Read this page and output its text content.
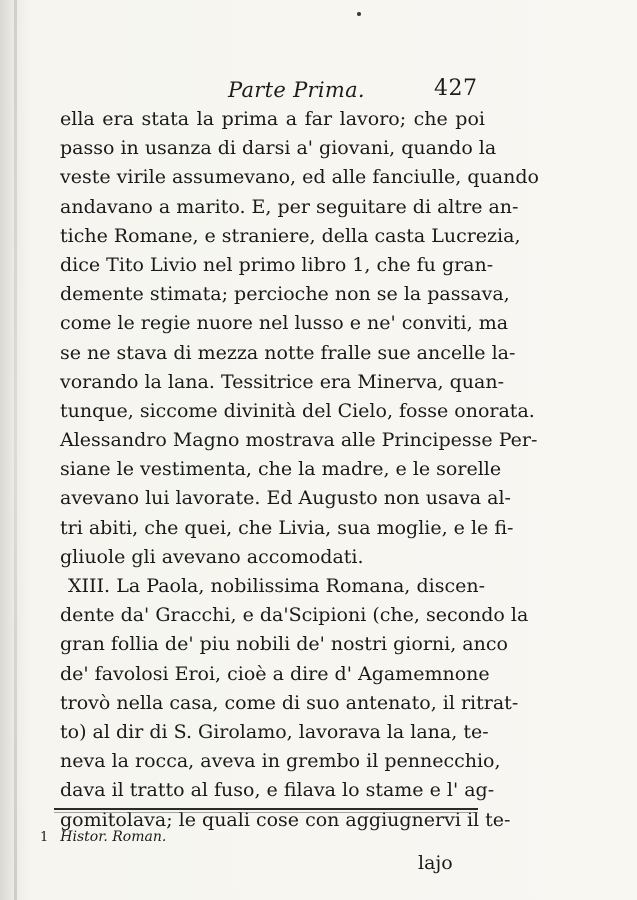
Parte Prima.	427
ella era stata la prima a far lavoro; che poi
passo in usanza di darsi a' giovani, quando la
veste virile assumevano, ed alle fanciulle, quando
andavano a marito. E, per seguitare di altre an-
tiche Romane, e straniere, della casta Lucrezia,
dice Tito Livio nel primo libro 1, che fu gran-
demente stimata; percioche non se la passava,
come le regie nuore nel lusso e ne' conviti, ma
se ne stava di mezza notte fralle sue ancelle la-
vorando la lana. Tessitrice era Minerva, quan-
tunque, siccome divinità del Cielo, fosse onorata.
Alessandro Magno mostrava alle Principesse Per-
siane le vestimenta, che la madre, e le sorelle
avevano lui lavorate. Ed Augusto non usava al-
tri abiti, che quei, che Livia, sua moglie, e le fi-
gliuole gli avevano accomodati.
XIII. La Paola, nobilissima Romana, discen-
dente da' Gracchi, e da'Scipioni (che, secondo la
gran follia de' piu nobili de' nostri giorni, anco
de' favolosi Eroi, cioè a dire d' Agamemnone
trovò nella casa, come di suo antenato, il ritrat-
to) al dir di S. Girolamo, lavorava la lana, te-
neva la rocca, aveva in grembo il pennecchio,
dava il tratto al fuso, e filava lo stame e l' ag-
gomitolava; le quali cose con aggiugnervi il te-
1 Histor. Roman.
lajo
